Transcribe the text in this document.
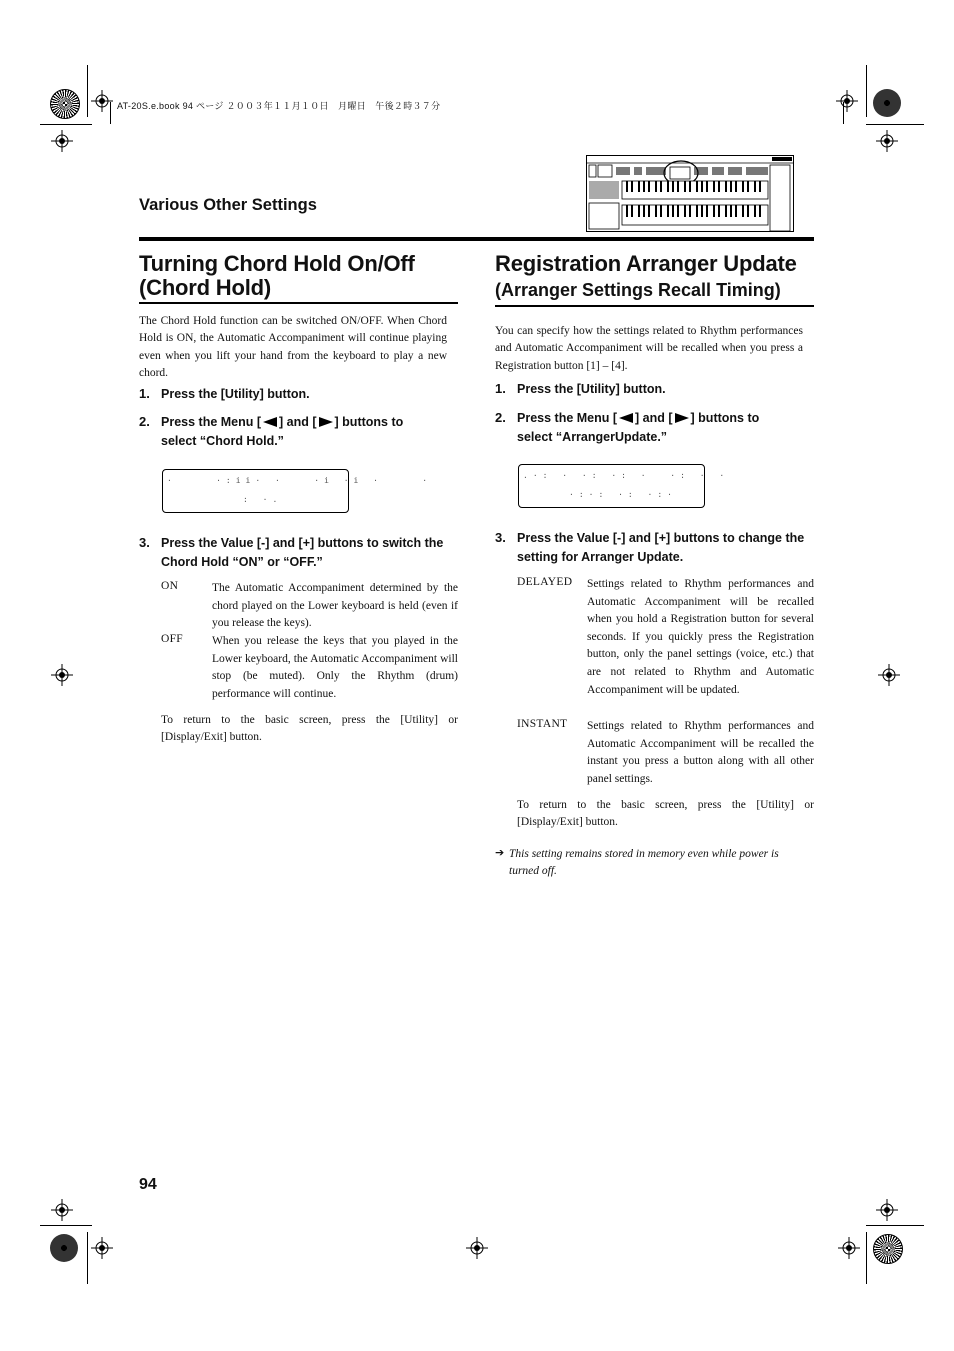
AT-20S.e.book 94 ページ ２００３年１１月１０日　月曜日　午後２時３７分
Various Other Settings
Turning Chord Hold On/Off
(Chord Hold)
The Chord Hold function can be switched ON/OFF. When Chord Hold is ON, the Automatic Accompaniment will continue playing even when you lift your hand from the keyboard to play a new chord.
1. Press the [Utility] button.
2. Press the Menu [ ] and [ ] buttons to
select “Chord Hold.”
·    ·:ii· ·   ·i ·i ·    ·
: ·.
3. Press the Value [-] and [+] buttons to switch the Chord Hold “ON” or “OFF.”
ON	The Automatic Accompaniment determined by the chord played on the Lower keyboard is held (even if you release the keys).
OFF	When you release the keys that you played in the Lower keyboard, the Automatic Accompaniment will stop (be muted). Only the Rhythm (drum) performance will continue.
To return to the basic screen, press the [Utility] or [Display/Exit] button.
Registration Arranger Update
(Arranger Settings Recall Timing)
You can specify how the settings related to Rhythm performances and Automatic Accompaniment will be recalled when you press a Registration button [1] – [4].
1. Press the [Utility] button.
2. Press the Menu [ ] and [ ] buttons to
select “ArrangerUpdate.”
.·: · ·: ·: ·  ·: · ·
·:·: ·: ·:·
3. Press the Value [-] and [+] buttons to change the setting for Arranger Update.
DELAYED Settings related to Rhythm performances and Automatic Accompaniment will be recalled when you hold a Registration button for several seconds. If you quickly press the Registration button, only the panel settings (voice, etc.) that are not related to Rhythm and Automatic Accompaniment will be updated.
INSTANT Settings related to Rhythm performances and Automatic Accompaniment will be recalled the instant you press a button along with all other panel settings.
To return to the basic screen, press the [Utility] or [Display/Exit] button.
➔ This setting remains stored in memory even while power is turned off.
94
